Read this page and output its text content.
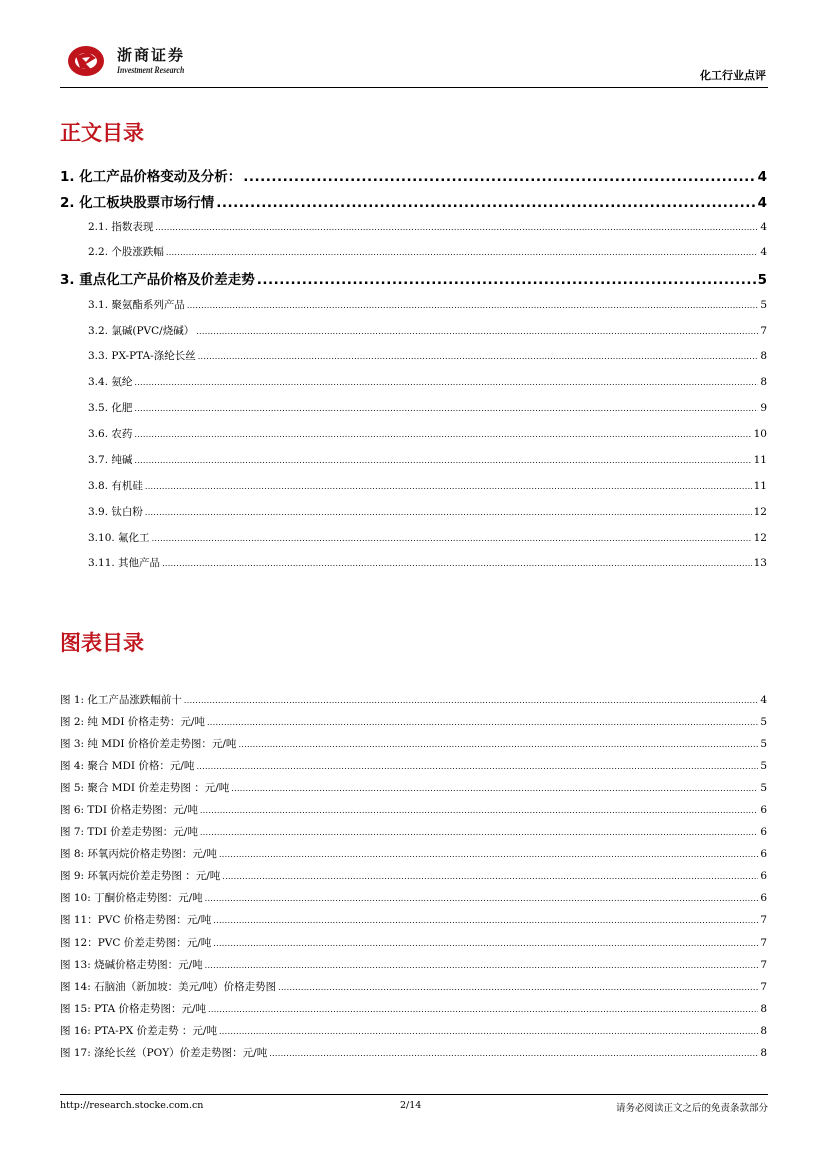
浙商证券
Investment Research	化工行业点评
正文目录
1. 化工产品价格变动及分析： .....	4
2. 化工板块股票市场行情 .....	4
2.1. 指数表现 .....	4
2.2. 个股涨跌幅 .....	4
3. 重点化工产品价格及价差走势 .....	5
3.1. 聚氨酯系列产品 .....	5
3.2. 氯碱(PVC/烧碱） .....	7
3.3. PX-PTA-涤纶长丝 .....	8
3.4. 氨纶 .....	8
3.5. 化肥 .....	9
3.6. 农药 .....	10
3.7. 纯碱 .....	11
3.8. 有机硅 .....	11
3.9. 钛白粉 .....	12
3.10. 氟化工 .....	12
3.11. 其他产品 .....	13
图表目录
图 1: 化工产品涨跌幅前十 .....	4
图 2: 纯 MDI 价格走势：元/吨 .....	5
图 3: 纯 MDI 价格价差走势图：元/吨 .....	5
图 4: 聚合 MDI 价格：元/吨 .....	5
图 5: 聚合 MDI 价差走势图 ：元/吨 .....	5
图 6: TDI 价格走势图：元/吨 .....	6
图 7: TDI 价差走势图：元/吨 .....	6
图 8: 环氧丙烷价格走势图：元/吨 .....	6
图 9: 环氧丙烷价差走势图 ：元/吨 .....	6
图 10: 丁酮价格走势图：元/吨 .....	6
图 11：PVC 价格走势图：元/吨 .....	7
图 12：PVC 价差走势图：元/吨 .....	7
图 13: 烧碱价格走势图：元/吨 .....	7
图 14: 石脑油（新加坡：美元/吨）价格走势图 .....	7
图 15: PTA 价格走势图：元/吨 .....	8
图 16: PTA-PX 价差走势 ：元/吨 .....	8
图 17: 涤纶长丝（POY）价差走势图：元/吨 .....	8
http://research.stocke.com.cn	2/14	请务必阅读正文之后的免责条款部分
